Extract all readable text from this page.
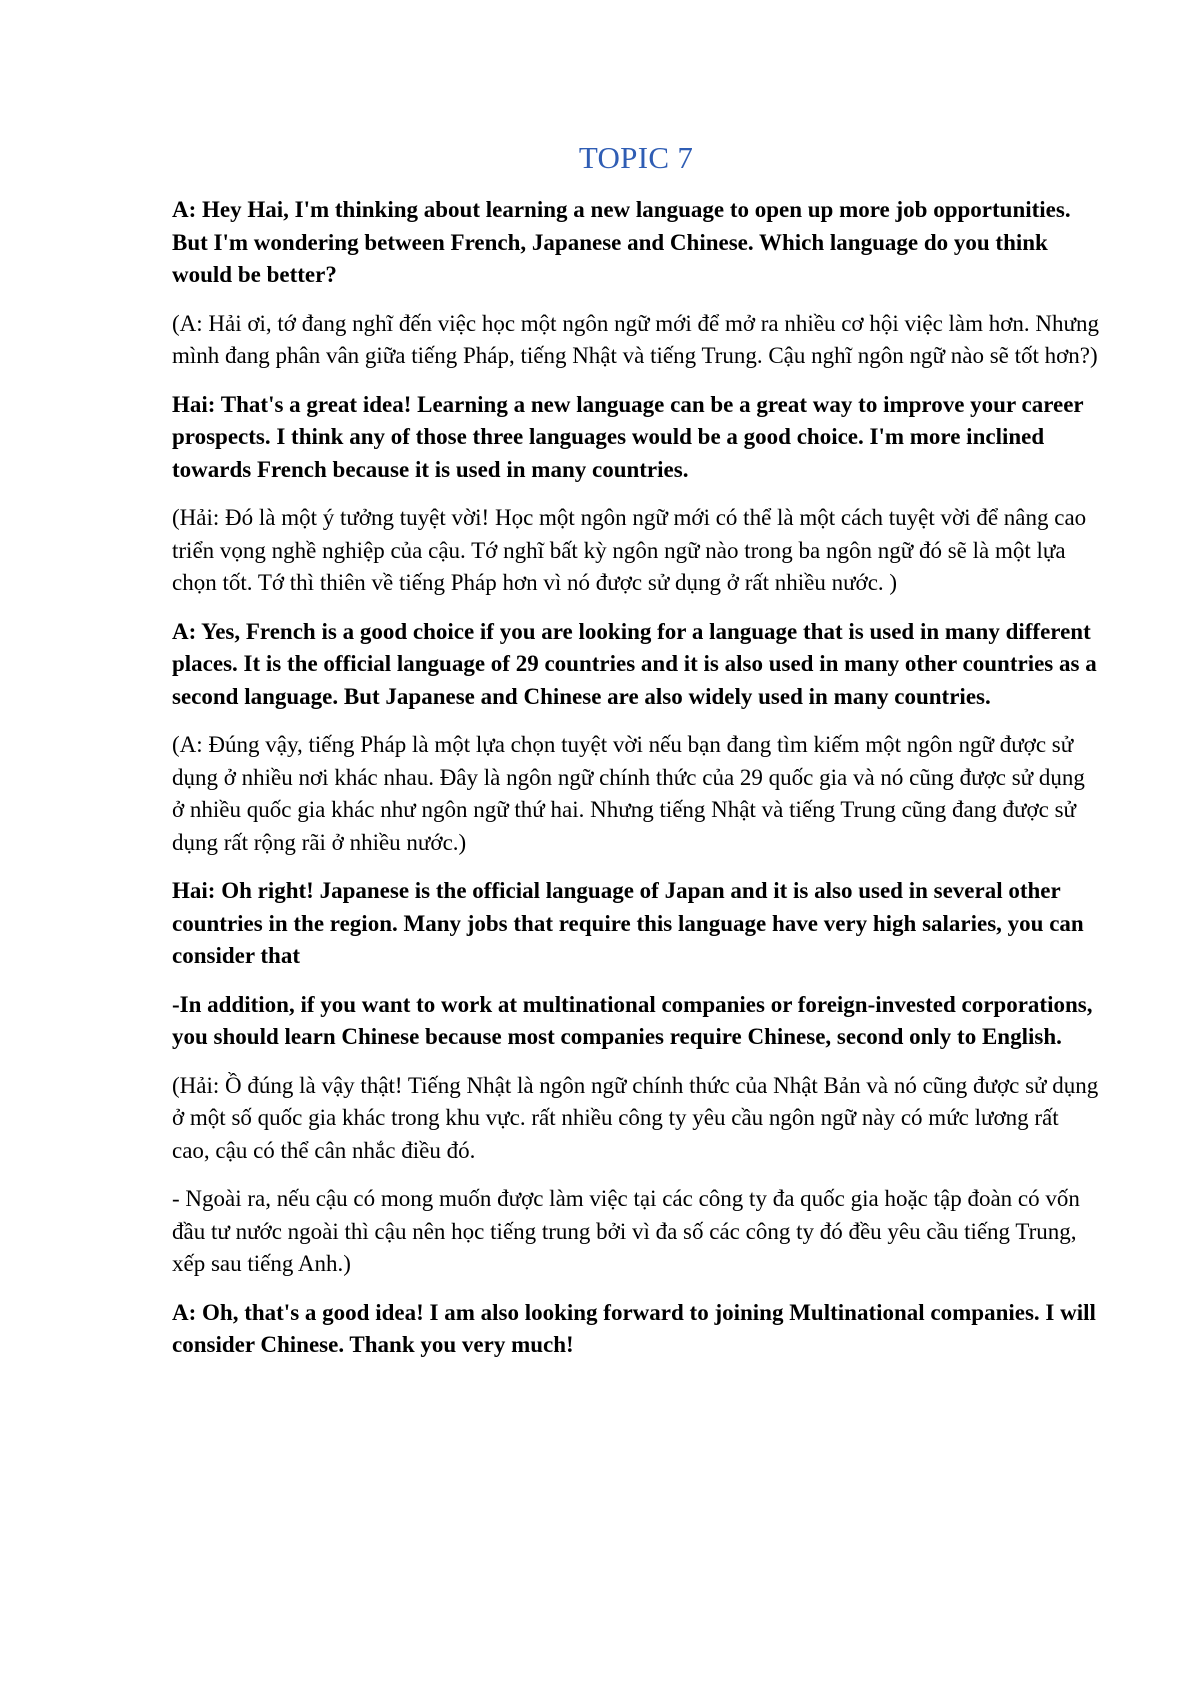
TOPIC 7

A: Hey Hai, I'm thinking about learning a new language to open up more job opportunities. But I'm wondering between French, Japanese and Chinese. Which language do you think would be better?

(A: Hải ơi, tớ đang nghĩ đến việc học một ngôn ngữ mới để mở ra nhiều cơ hội việc làm hơn. Nhưng mình đang phân vân giữa tiếng Pháp, tiếng Nhật và tiếng Trung. Cậu nghĩ ngôn ngữ nào sẽ tốt hơn?)

Hai: That's a great idea! Learning a new language can be a great way to improve your career prospects. I think any of those three languages would be a good choice. I'm more inclined towards French because it is used in many countries.

(Hải: Đó là một ý tưởng tuyệt vời! Học một ngôn ngữ mới có thể là một cách tuyệt vời để nâng cao triển vọng nghề nghiệp của cậu. Tớ nghĩ bất kỳ ngôn ngữ nào trong ba ngôn ngữ đó sẽ là một lựa chọn tốt. Tớ thì thiên về tiếng Pháp hơn vì nó được sử dụng ở rất nhiều nước. )

A: Yes, French is a good choice if you are looking for a language that is used in many different places. It is the official language of 29 countries and it is also used in many other countries as a second language. But Japanese and Chinese are also widely used in many countries.

(A: Đúng vậy, tiếng Pháp là một lựa chọn tuyệt vời nếu bạn đang tìm kiếm một ngôn ngữ được sử dụng ở nhiều nơi khác nhau. Đây là ngôn ngữ chính thức của 29 quốc gia và nó cũng được sử dụng ở nhiều quốc gia khác như ngôn ngữ thứ hai. Nhưng tiếng Nhật và tiếng Trung cũng đang được sử dụng rất rộng rãi ở nhiều nước.)

Hai: Oh right! Japanese is the official language of Japan and it is also used in several other countries in the region. Many jobs that require this language have very high salaries, you can consider that

-In addition, if you want to work at multinational companies or foreign-invested corporations, you should learn Chinese because most companies require Chinese, second only to English.

(Hải: Ồ đúng là vậy thật! Tiếng Nhật là ngôn ngữ chính thức của Nhật Bản và nó cũng được sử dụng ở một số quốc gia khác trong khu vực. rất nhiều công ty yêu cầu ngôn ngữ này có mức lương rất cao, cậu có thể cân nhắc điều đó.

- Ngoài ra, nếu cậu có mong muốn được làm việc tại các công ty đa quốc gia hoặc tập đoàn có vốn đầu tư nước ngoài thì cậu nên học tiếng trung bởi vì đa số các công ty đó đều yêu cầu tiếng Trung, xếp sau tiếng Anh.)

A: Oh, that's a good idea! I am also looking forward to joining Multinational companies. I will consider Chinese. Thank you very much!
